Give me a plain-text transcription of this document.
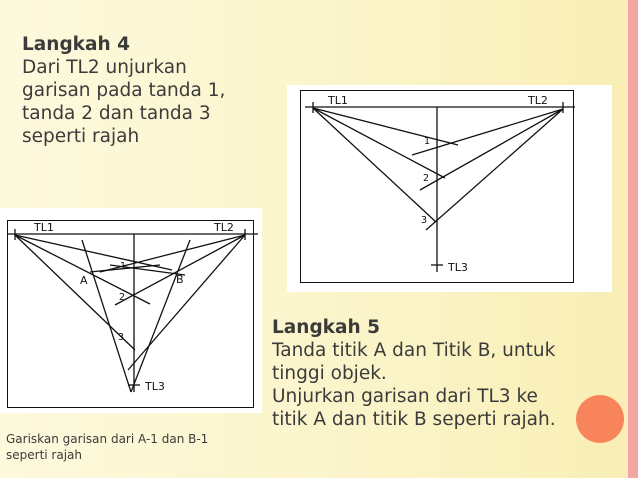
Langkah 4
Dari TL2 unjurkan
garisan pada tanda 1,
tanda 2 dan tanda 3
seperti rajah
TL1	TL2
TL3
1
2
3
TL1	TL2
TL3
A	B
1
2
3	Langkah 5
Tanda titik A dan Titik B, untuk
tinggi objek.
Unjurkan garisan dari TL3 ke
titik A dan titik B seperti rajah.
Gariskan garisan dari A-1 dan B-1
seperti rajah
